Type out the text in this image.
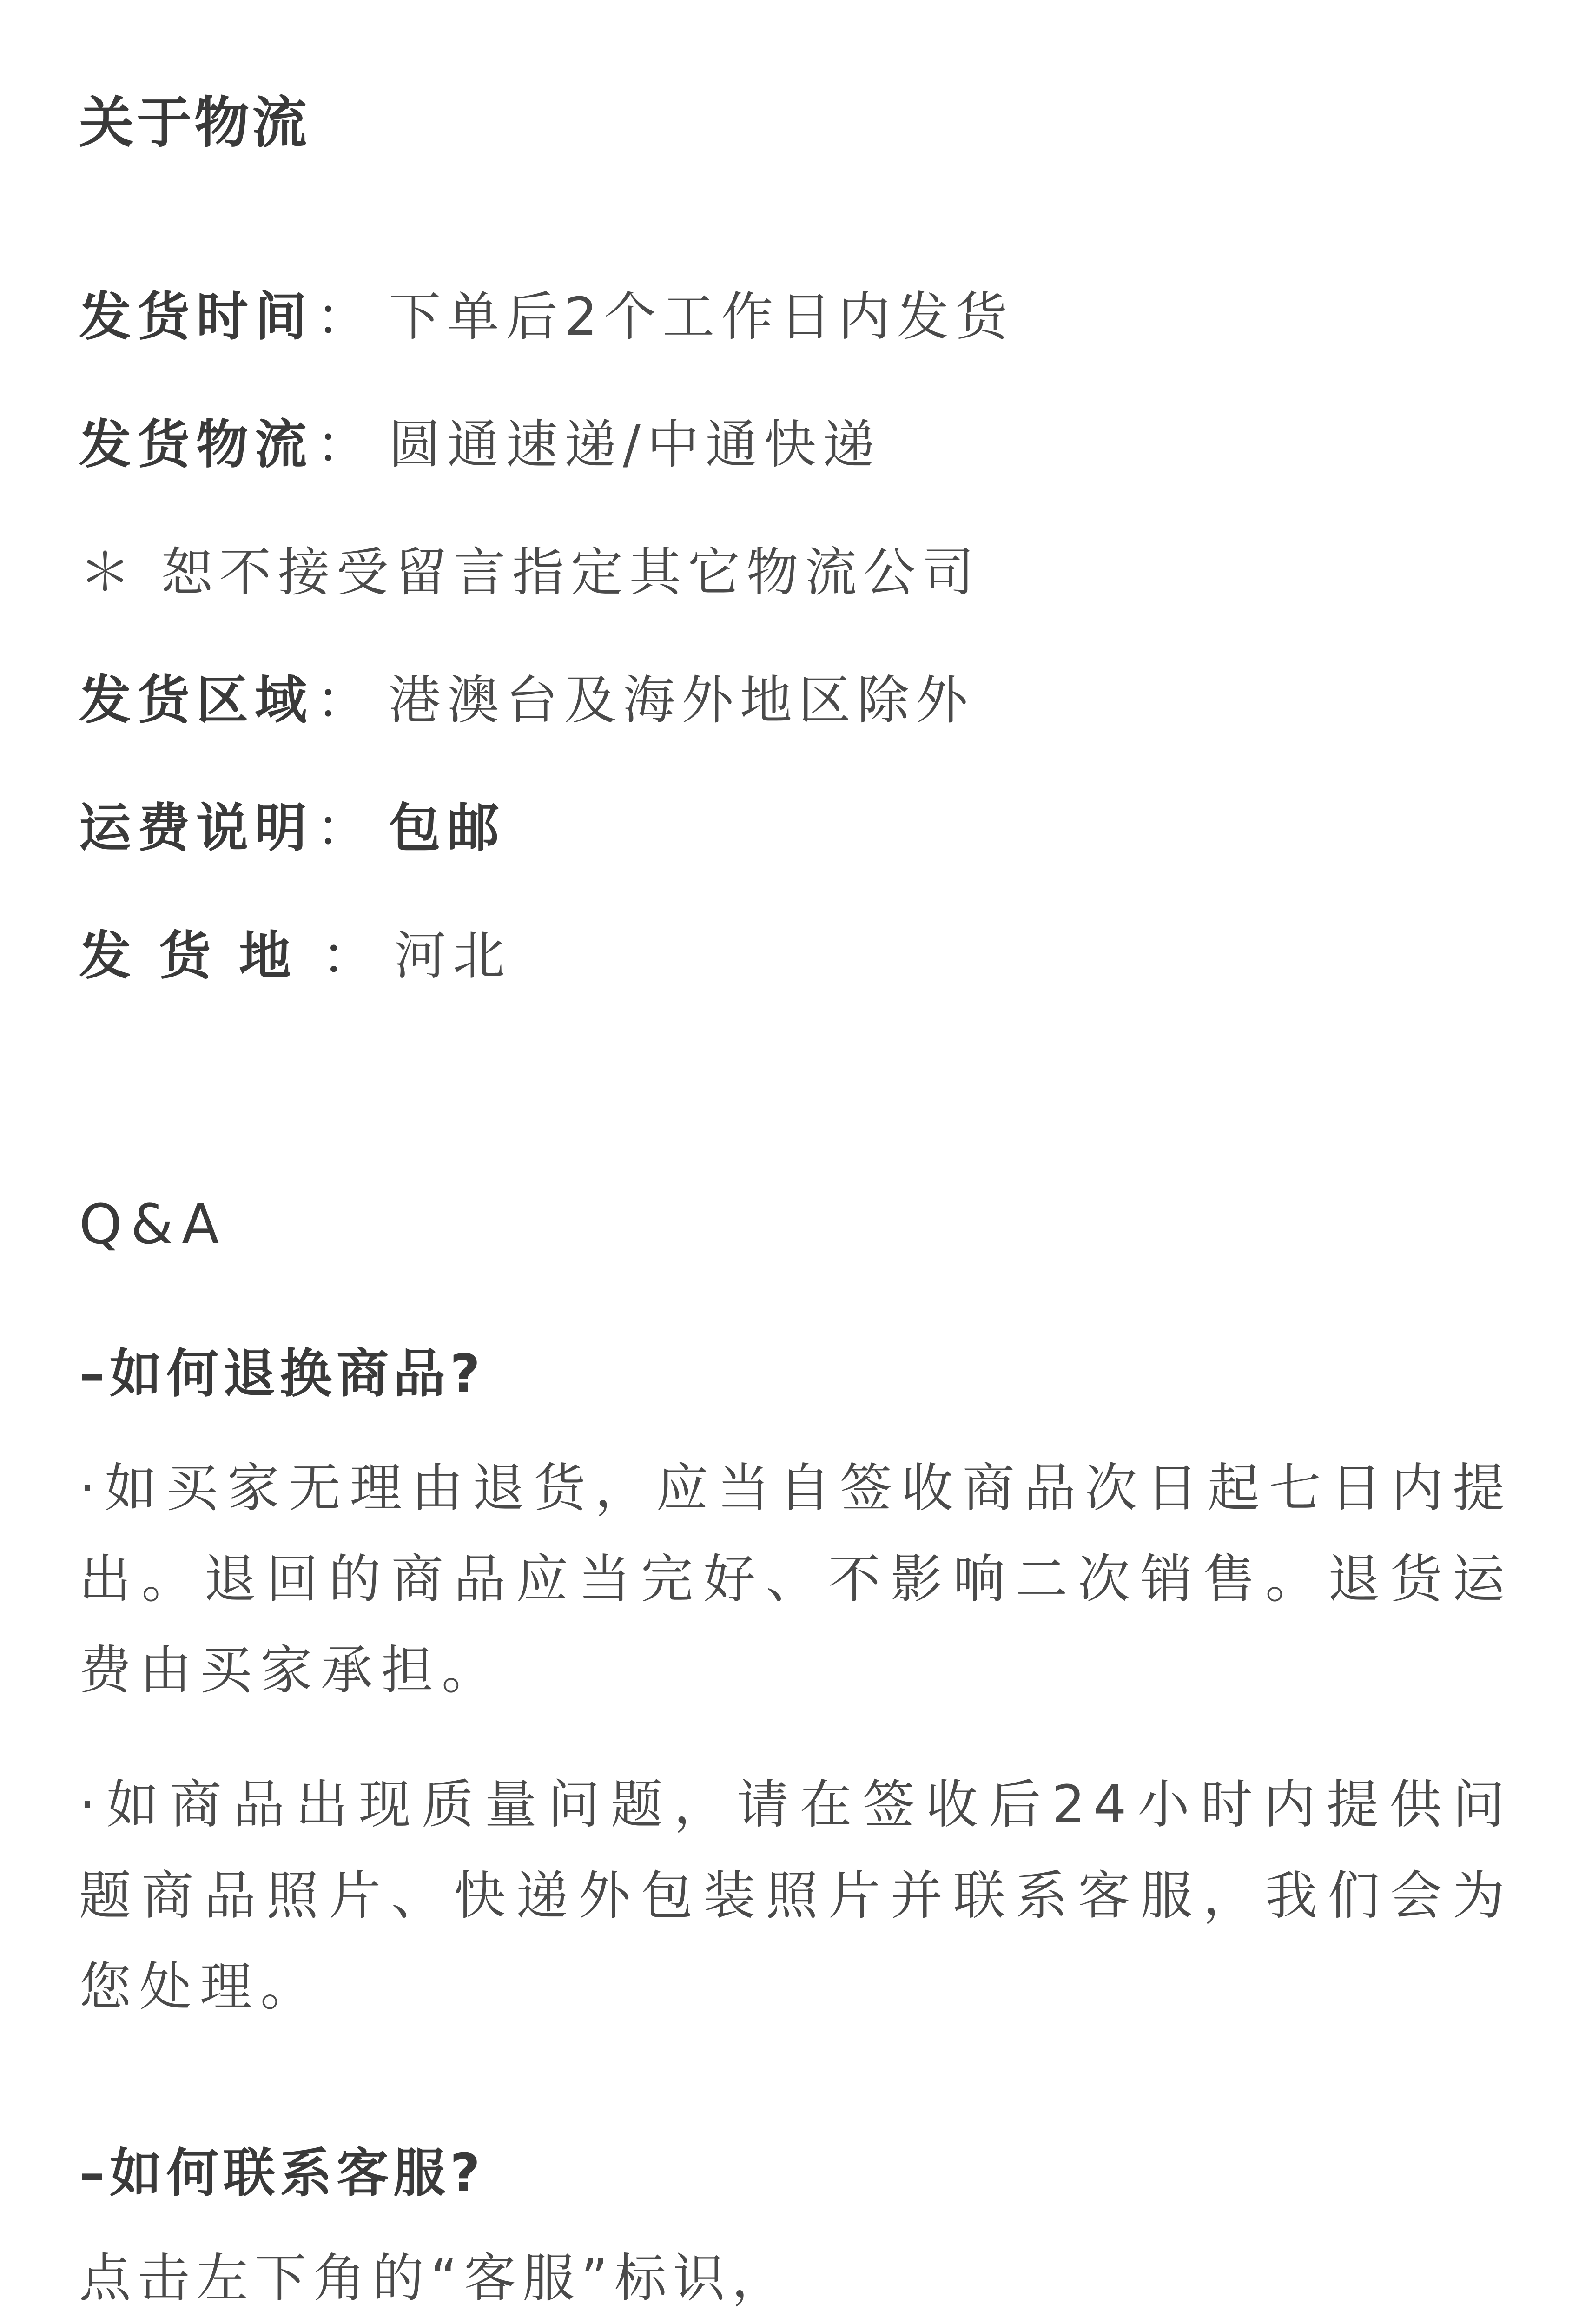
关于物流
发货时间： 下单后2个工作日内发货
发货物流： 圆通速递/中通快递
＊ 恕不接受留言指定其它物流公司
发货区域： 港澳台及海外地区除外
运费说明： 包邮
发货地： 河北
Q&A
–如何退换商品?
·如买家无理由退货，应当自签收商品次日起七日内提出。退回的商品应当完好、不影响二次销售。退货运费由买家承担。
·如商品出现质量问题，请在签收后24小时内提供问题商品照片、快递外包装照片并联系客服，我们会为您处理。
–如何联系客服?
点击左下角的“客服”标识，
